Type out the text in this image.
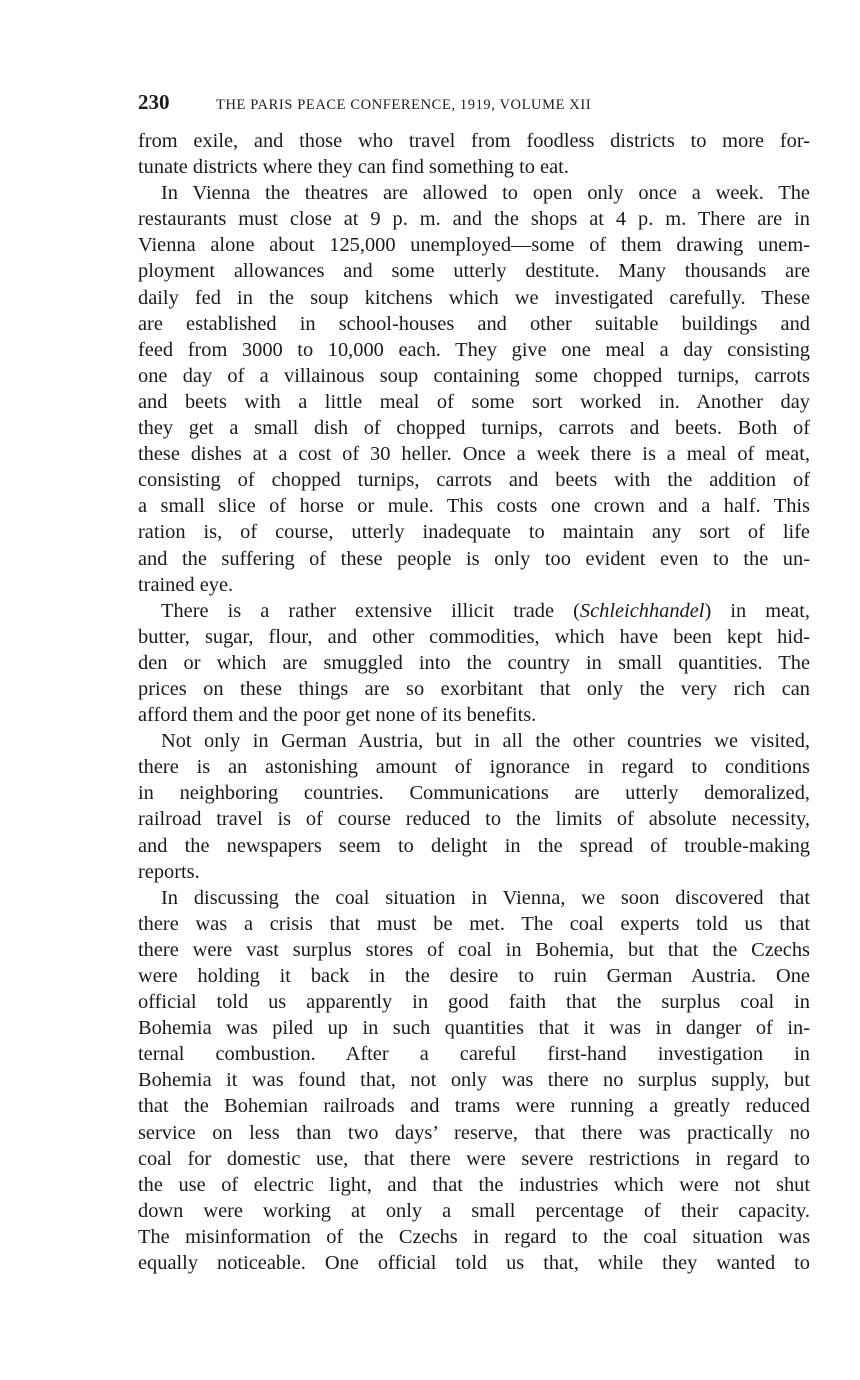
230	THE PARIS PEACE CONFERENCE, 1919, VOLUME XII
from exile, and those who travel from foodless districts to more for-
tunate districts where they can find something to eat.
In Vienna the theatres are allowed to open only once a week. The
restaurants must close at 9 p. m. and the shops at 4 p. m. There are in
Vienna alone about 125,000 unemployed—some of them drawing unem-
ployment allowances and some utterly destitute. Many thousands are
daily fed in the soup kitchens which we investigated carefully. These
are established in school-houses and other suitable buildings and
feed from 3000 to 10,000 each. They give one meal a day consisting
one day of a villainous soup containing some chopped turnips, carrots
and beets with a little meal of some sort worked in. Another day
they get a small dish of chopped turnips, carrots and beets. Both of
these dishes at a cost of 30 heller. Once a week there is a meal of meat,
consisting of chopped turnips, carrots and beets with the addition of
a small slice of horse or mule. This costs one crown and a half. This
ration is, of course, utterly inadequate to maintain any sort of life
and the suffering of these people is only too evident even to the un-
trained eye.
There is a rather extensive illicit trade (Schleichhandel) in meat,
butter, sugar, flour, and other commodities, which have been kept hid-
den or which are smuggled into the country in small quantities. The
prices on these things are so exorbitant that only the very rich can
afford them and the poor get none of its benefits.
Not only in German Austria, but in all the other countries we visited,
there is an astonishing amount of ignorance in regard to conditions
in neighboring countries. Communications are utterly demoralized,
railroad travel is of course reduced to the limits of absolute necessity,
and the newspapers seem to delight in the spread of trouble-making
reports.
In discussing the coal situation in Vienna, we soon discovered that
there was a crisis that must be met. The coal experts told us that
there were vast surplus stores of coal in Bohemia, but that the Czechs
were holding it back in the desire to ruin German Austria. One
official told us apparently in good faith that the surplus coal in
Bohemia was piled up in such quantities that it was in danger of in-
ternal combustion. After a careful first-hand investigation in
Bohemia it was found that, not only was there no surplus supply, but
that the Bohemian railroads and trams were running a greatly reduced
service on less than two days’ reserve, that there was practically no
coal for domestic use, that there were severe restrictions in regard to
the use of electric light, and that the industries which were not shut
down were working at only a small percentage of their capacity.
The misinformation of the Czechs in regard to the coal situation was
equally noticeable. One official told us that, while they wanted to
